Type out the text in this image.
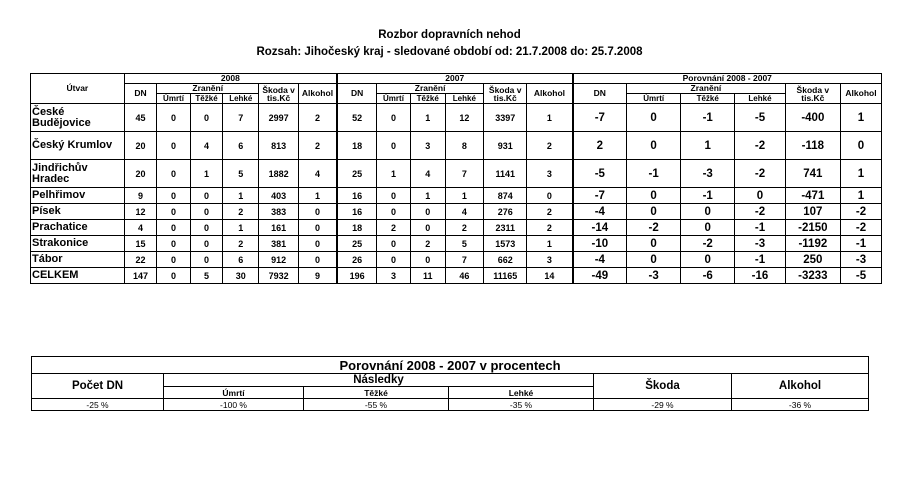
Rozbor dopravních nehod
Rozsah: Jihočeský kraj - sledované období od: 21.7.2008 do: 25.7.2008
Útvar	2008						2007						Porovnání 2008 - 2007					
	DN	Zranění			Škoda v tis.Kč	Alkohol	DN	Zranění			Škoda v tis.Kč	Alkohol	DN	Zranění			Škoda v tis.Kč	Alkohol
		Úmrtí	Těžké	Lehké				Úmrtí	Těžké	Lehké				Úmrtí	Těžké	Lehké		
České Budějovice	45	0	0	7	2997	2	52	0	1	12	3397	1	-7	0	-1	-5	-400	1
Český Krumlov	20	0	4	6	813	2	18	0	3	8	931	2	2	0	1	-2	-118	0
Jindřichův Hradec	20	0	1	5	1882	4	25	1	4	7	1141	3	-5	-1	-3	-2	741	1
Pelhřimov	9	0	0	1	403	1	16	0	1	1	874	0	-7	0	-1	0	-471	1
Písek	12	0	0	2	383	0	16	0	0	4	276	2	-4	0	0	-2	107	-2
Prachatice	4	0	0	1	161	0	18	2	0	2	2311	2	-14	-2	0	-1	-2150	-2
Strakonice	15	0	0	2	381	0	25	0	2	5	1573	1	-10	0	-2	-3	-1192	-1
Tábor	22	0	0	6	912	0	26	0	0	7	662	3	-4	0	0	-1	250	-3
CELKEM	147	0	5	30	7932	9	196	3	11	46	11165	14	-49	-3	-6	-16	-3233	-5
Porovnání 2008 - 2007 v procentech					
Počet DN	Následky			Škoda	Alkohol
	Úmrtí	Těžké	Lehké		
-25 %	-100 %	-55 %	-35 %	-29 %	-36 %
